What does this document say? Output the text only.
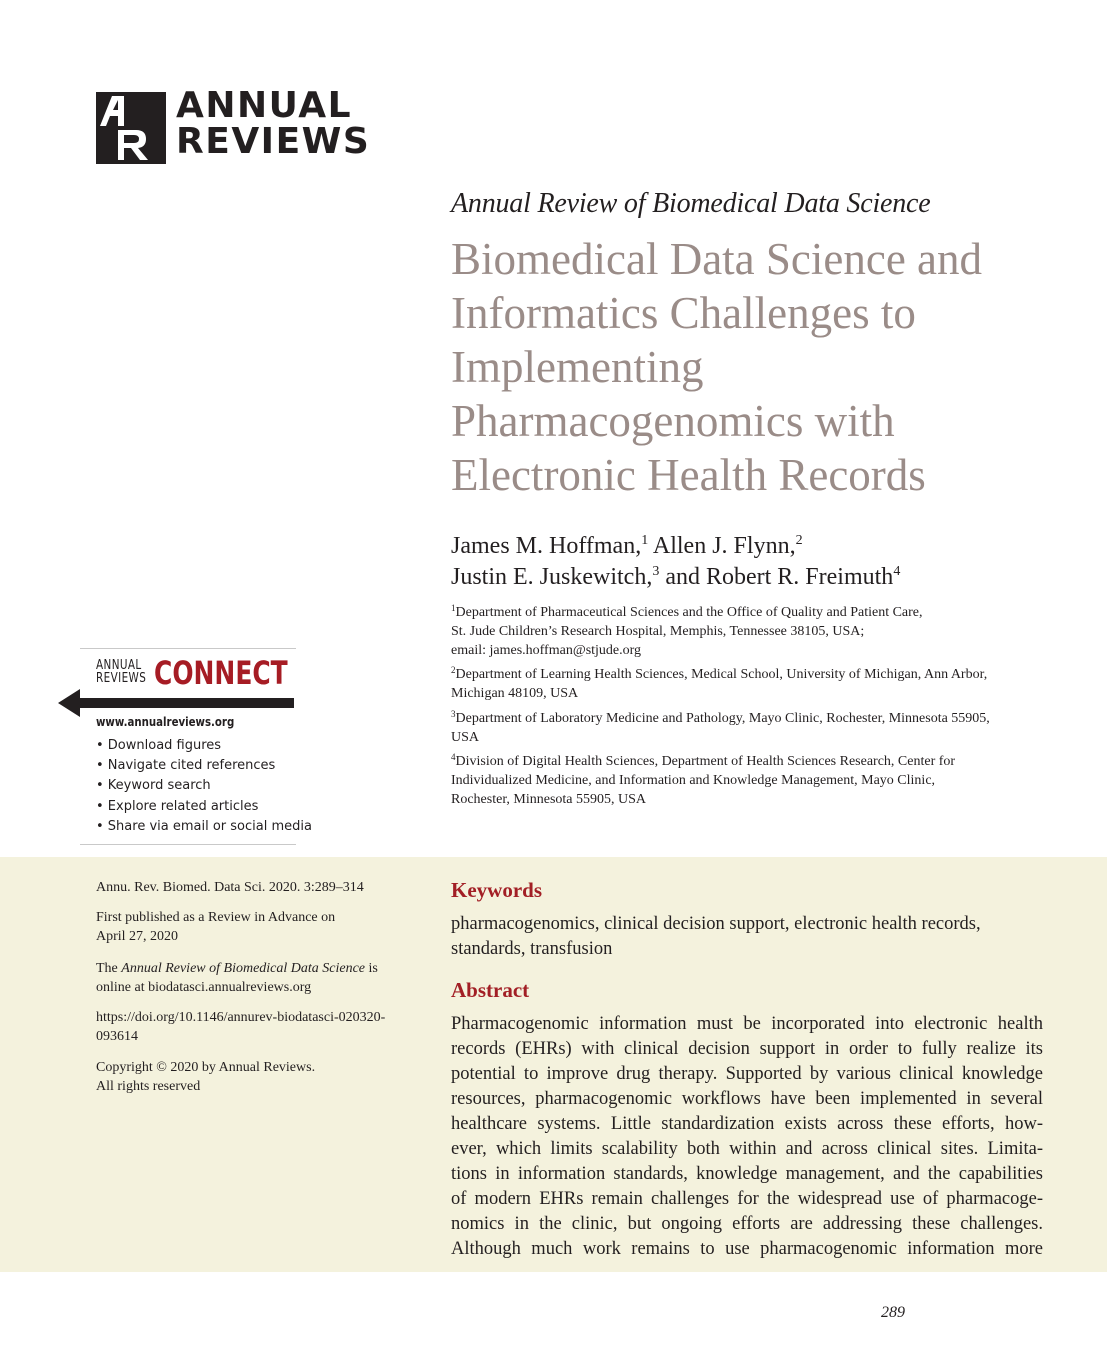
ANNUAL
REVIEWS
Annual Review of Biomedical Data Science
Biomedical Data Science and
Informatics Challenges to
Implementing
Pharmacogenomics with
Electronic Health Records
James M. Hoffman,$^1$ Allen J. Flynn,$^2$
Justin E. Juskewitch,$^3$ and Robert R. Freimuth$^4$
$^1$Department of Pharmaceutical Sciences and the Office of Quality and Patient Care,
St. Jude Children’s Research Hospital, Memphis, Tennessee 38105, USA;
email: james.hoffman@stjude.org
$^2$Department of Learning Health Sciences, Medical School, University of Michigan, Ann Arbor,
Michigan 48109, USA
$^3$Department of Laboratory Medicine and Pathology, Mayo Clinic, Rochester, Minnesota 55905,
USA
$^4$Division of Digital Health Sciences, Department of Health Sciences Research, Center for
Individualized Medicine, and Information and Knowledge Management, Mayo Clinic,
Rochester, Minnesota 55905, USA
ANNUAL
REVIEWS CONNECT
www.annualreviews.org
• Download figures
• Navigate cited references
• Keyword search
• Explore related articles
• Share via email or social media
Annu. Rev. Biomed. Data Sci. 2020. 3:289–314
First published as a Review in Advance on
April 27, 2020
The Annual Review of Biomedical Data Science is
online at biodatasci.annualreviews.org
https://doi.org/10.1146/annurev-biodatasci-020320-
093614
Copyright © 2020 by Annual Reviews.
All rights reserved
Keywords
pharmacogenomics, clinical decision support, electronic health records,
standards, transfusion
Abstract
Pharmacogenomic information must be incorporated into electronic health
records (EHRs) with clinical decision support in order to fully realize its
potential to improve drug therapy. Supported by various clinical knowledge
resources, pharmacogenomic workflows have been implemented in several
healthcare systems. Little standardization exists across these efforts, how-
ever, which limits scalability both within and across clinical sites. Limita-
tions in information standards, knowledge management, and the capabilities
of modern EHRs remain challenges for the widespread use of pharmacoge-
nomics in the clinic, but ongoing efforts are addressing these challenges.
Although much work remains to use pharmacogenomic information more
289
